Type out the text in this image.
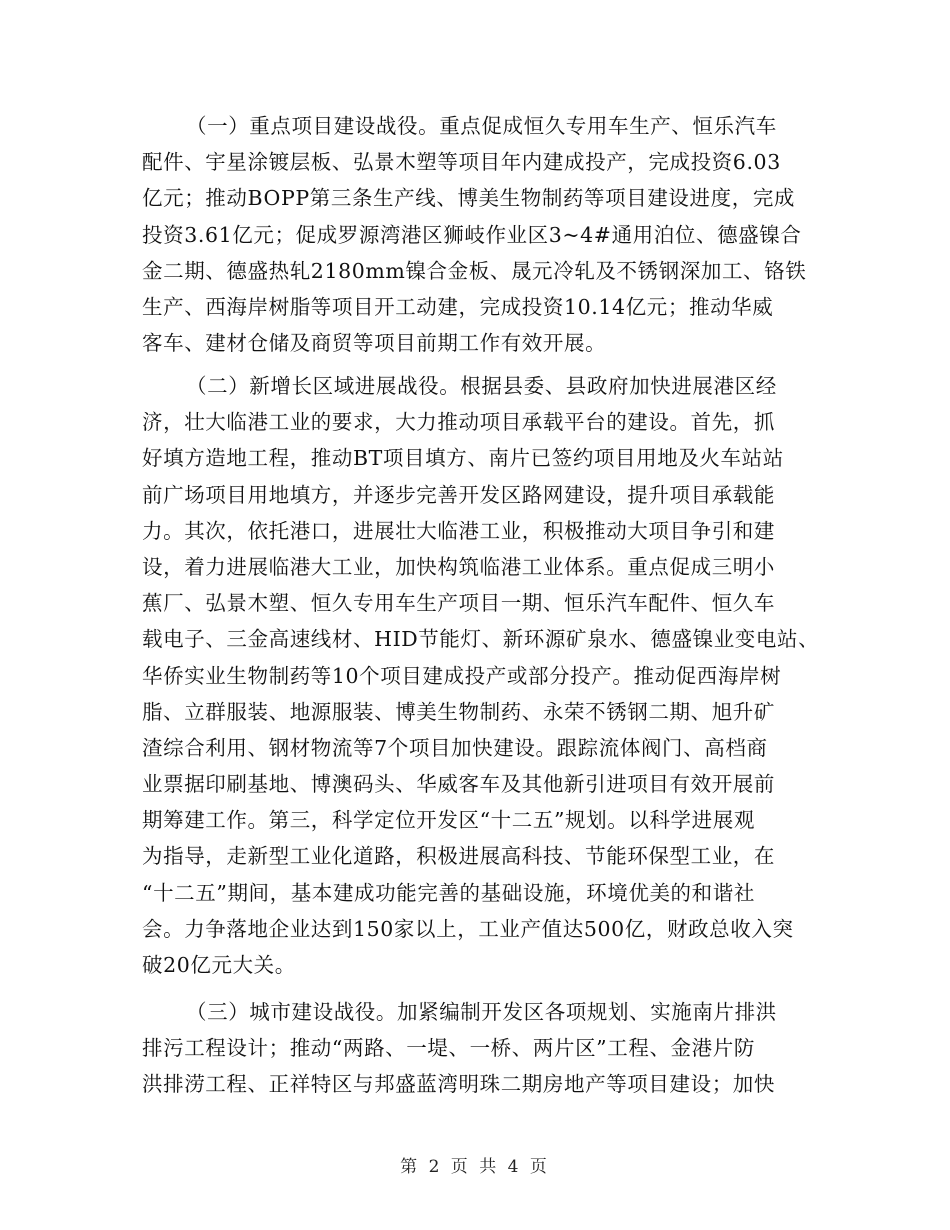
（一）重点项目建设战役。重点促成恒久专用车生产、恒乐汽车
配件、宇星涂镀层板、弘景木塑等项目年内建成投产，完成投资6.03
亿元；推动BOPP第三条生产线、博美生物制药等项目建设进度，完成
投资3.61亿元；促成罗源湾港区狮岐作业区3~4#通用泊位、德盛镍合
金二期、德盛热轧2180mm镍合金板、晟元冷轧及不锈钢深加工、铬铁
生产、西海岸树脂等项目开工动建，完成投资10.14亿元；推动华威
客车、建材仓储及商贸等项目前期工作有效开展。
（二）新增长区域进展战役。根据县委、县政府加快进展港区经
济，壮大临港工业的要求，大力推动项目承载平台的建设。首先，抓
好填方造地工程，推动BT项目填方、南片已签约项目用地及火车站站
前广场项目用地填方，并逐步完善开发区路网建设，提升项目承载能
力。其次，依托港口，进展壮大临港工业，积极推动大项目争引和建
设，着力进展临港大工业，加快构筑临港工业体系。重点促成三明小
蕉厂、弘景木塑、恒久专用车生产项目一期、恒乐汽车配件、恒久车
载电子、三金高速线材、HID节能灯、新环源矿泉水、德盛镍业变电站、
华侨实业生物制药等10个项目建成投产或部分投产。推动促西海岸树
脂、立群服装、地源服装、博美生物制药、永荣不锈钢二期、旭升矿
渣综合利用、钢材物流等7个项目加快建设。跟踪流体阀门、高档商
业票据印刷基地、博澳码头、华威客车及其他新引进项目有效开展前
期筹建工作。第三，科学定位开发区“十二五”规划。以科学进展观
为指导，走新型工业化道路，积极进展高科技、节能环保型工业，在
“十二五”期间，基本建成功能完善的基础设施，环境优美的和谐社
会。力争落地企业达到150家以上，工业产值达500亿，财政总收入突
破20亿元大关。
（三）城市建设战役。加紧编制开发区各项规划、实施南片排洪
排污工程设计；推动“两路、一堤、一桥、两片区”工程、金港片防
洪排涝工程、正祥特区与邦盛蓝湾明珠二期房地产等项目建设；加快
第 2 页 共 4 页
